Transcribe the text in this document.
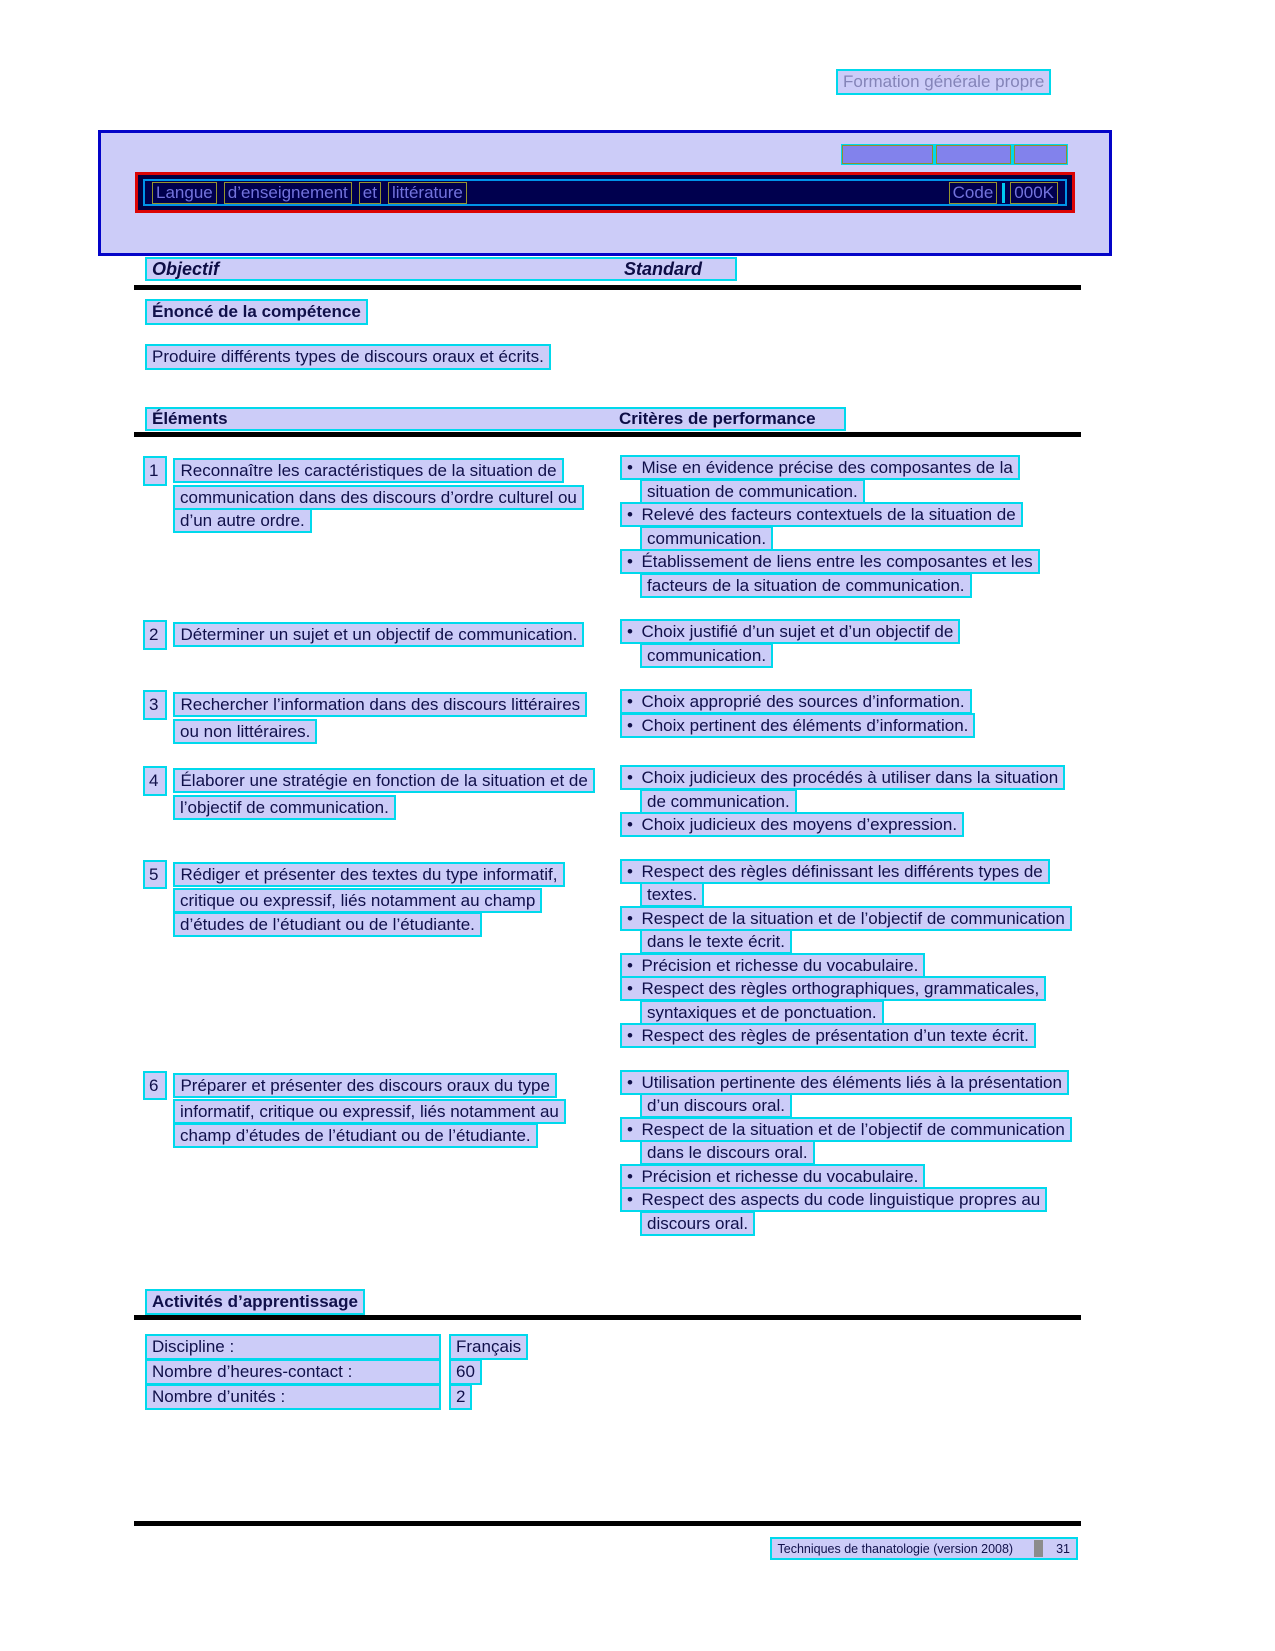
Formation générale propre
Langue d’enseignement et littérature	Code 000K
Objectif	Standard
Énoncé de la compétence
Produire différents types de discours oraux et écrits.
Éléments	Critères de performance
1 Reconnaître les caractéristiques de la situation de communication dans des discours d’ordre culturel ou d’un autre ordre.
• Mise en évidence précise des composantes de la situation de communication.
• Relevé des facteurs contextuels de la situation de communication.
• Établissement de liens entre les composantes et les facteurs de la situation de communication.
2 Déterminer un sujet et un objectif de communication.	• Choix justifié d’un sujet et d’un objectif de communication.
3 Rechercher l’information dans des discours littéraires ou non littéraires.
• Choix approprié des sources d’information.
• Choix pertinent des éléments d’information.
4 Élaborer une stratégie en fonction de la situation et de l’objectif de communication.
• Choix judicieux des procédés à utiliser dans la situation de communication.
• Choix judicieux des moyens d’expression.
5 Rédiger et présenter des textes du type informatif, critique ou expressif, liés notamment au champ d’études de l’étudiant ou de l’étudiante.
• Respect des règles définissant les différents types de textes.
• Respect de la situation et de l’objectif de communication dans le texte écrit.
• Précision et richesse du vocabulaire.
• Respect des règles orthographiques, grammaticales, syntaxiques et de ponctuation.
• Respect des règles de présentation d’un texte écrit.
6 Préparer et présenter des discours oraux du type informatif, critique ou expressif, liés notamment au champ d’études de l’étudiant ou de l’étudiante.
• Utilisation pertinente des éléments liés à la présentation d’un discours oral.
• Respect de la situation et de l’objectif de communication dans le discours oral.
• Précision et richesse du vocabulaire.
• Respect des aspects du code linguistique propres au discours oral.
Activités d’apprentissage
Discipline :	Français
Nombre d’heures-contact :	60
Nombre d’unités :	2
Techniques de thanatologie (version 2008)	31
